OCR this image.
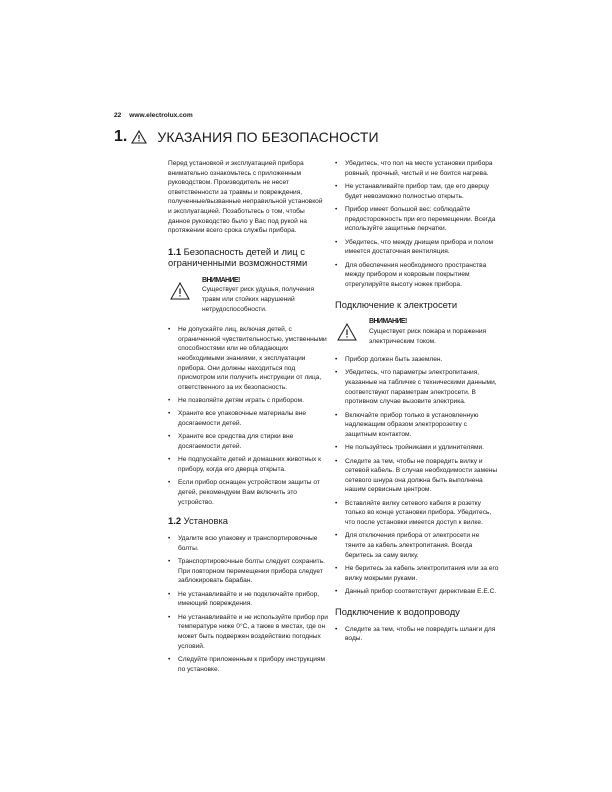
22 www.electrolux.com
1. УКАЗАНИЯ ПО БЕЗОПАСНОСТИ

Перед установкой и эксплуатацией прибора внимательно ознакомьтесь с приложенным руководством. Производитель не несет ответственности за травмы и повреждения, полученные/вызванные неправильной установкой и эксплуатацией. Позаботьтесь о том, чтобы данное руководство было у Вас под рукой на протяжении всего срока службы прибора.

1.1 Безопасность детей и лиц с ограниченными возможностями
ВНИМАНИЕ!
Существует риск удушья, получения травм или стойких нарушений нетрудоспособности.
• Не допускайте лиц, включая детей, с ограниченной чувствительностью, умственными способностями или не обладающих необходимыми знаниями, к эксплуатации прибора. Они должны находиться под присмотром или получить инструкции от лица, ответственного за их безопасность.
• Не позволяйте детям играть с прибором.
• Храните все упаковочные материалы вне досягаемости детей.
• Храните все средства для стирки вне досягаемости детей.
• Не подпускайте детей и домашних животных к прибору, когда его дверца открыта.
• Если прибор оснащен устройством защиты от детей, рекомендуем Вам включить это устройство.
1.2 Установка
• Удалите всю упаковку и транспортировочные болты.
• Транспортировочные болты следует сохранить. При повторном перемещении прибора следует заблокировать барабан.
• Не устанавливайте и не подключайте прибор, имеющий повреждения.
• Не устанавливайте и не используйте прибор при температуре ниже 0°C, а также в местах, где он может быть подвержен воздействию погодных условий.
• Следуйте приложенным к прибору инструкциям по установке.
• Убедитесь, что пол на месте установки прибора ровный, прочный, чистый и не боится нагрева.
• Не устанавливайте прибор там, где его дверцу будет невозможно полностью открыть.
• Прибор имеет большой вес: соблюдайте предосторожность при его перемещении. Всегда используйте защитные перчатки.
• Убедитесь, что между днищем прибора и полом имеется достаточная вентиляция.
• Для обеспечения необходимого пространства между прибором и ковровым покрытием отрегулируйте высоту ножек прибора.
Подключение к электросети
ВНИМАНИЕ!
Существует риск пожара и поражения электрическим током.
• Прибор должен быть заземлен.
• Убедитесь, что параметры электропитания, указанные на табличке с техническими данными, соответствуют параметрам электросети. В противном случае вызовите электрика.
• Включайте прибор только в установленную надлежащим образом электророзетку с защитным контактом.
• Не пользуйтесь тройниками и удлинителями.
• Следите за тем, чтобы не повредить вилку и сетевой кабель. В случае необходимости замены сетевого шнура она должна быть выполнена нашим сервисным центром.
• Вставляйте вилку сетевого кабеля в розетку только во конце установки прибора. Убедитесь, что после установки имеется доступ к вилке.
• Для отключения прибора от электросети не тяните за кабель электропитания. Всегда беритесь за саму вилку.
• Не беритесь за кабель электропитания или за его вилку мокрыми руками.
• Данный прибор соответствует директивам Е.Е.С.
Подключение к водопроводу
• Следите за тем, чтобы не повредить шланги для воды.
